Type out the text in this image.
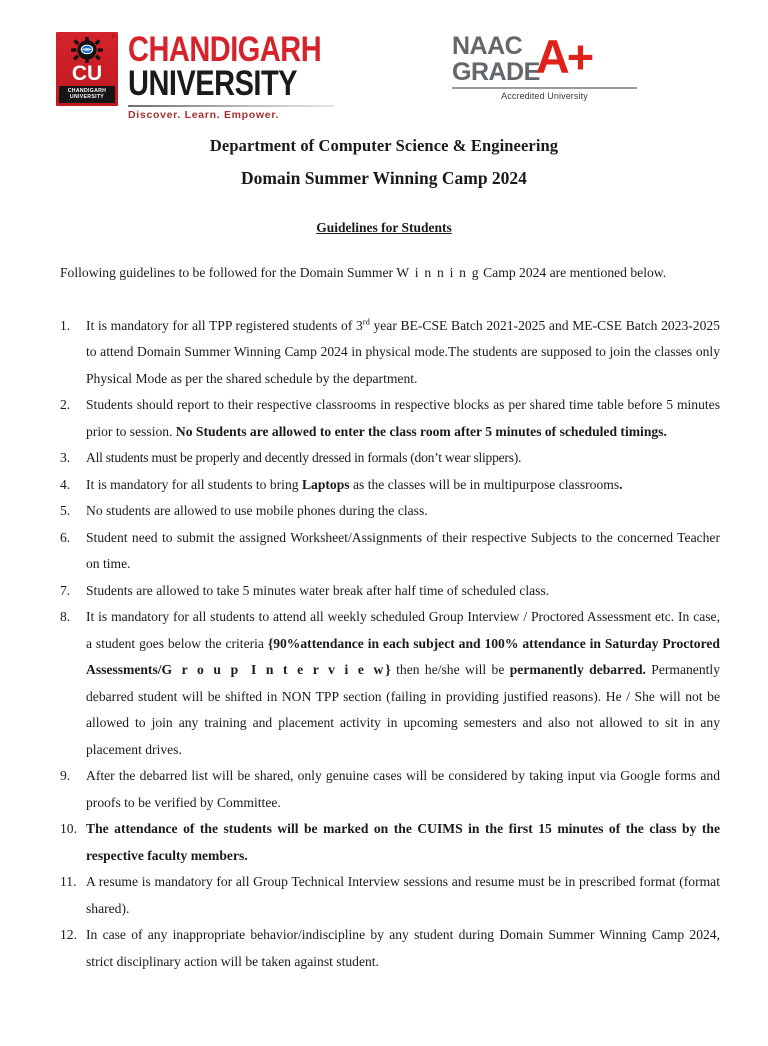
®
CU
CHANDIGARH
UNIVERSITY
CHANDIGARH
UNIVERSITY
Discover. Learn. Empower.
NAAC
GRADE
A+
Accredited University
Department of Computer Science & Engineering
Domain Summer Winning Camp 2024
Guidelines for Students

Following guidelines to be followed for the Domain Summer W i n n i n g Camp 2024 are mentioned below.

1.	It is mandatory for all TPP registered students of 3rd year BE-CSE Batch 2021-2025 and ME-CSE Batch 2023-2025 to attend Domain Summer Winning Camp 2024 in physical mode.The students are supposed to join the classes only Physical Mode as per the shared schedule by the department.
2.	Students should report to their respective classrooms in respective blocks as per shared time table before 5 minutes prior to session. No Students are allowed to enter the class room after 5 minutes of scheduled timings.
3.	All students must be properly and decently dressed in formals (don’t wear slippers).
4.	It is mandatory for all students to bring Laptops as the classes will be in multipurpose classrooms.
5.	No students are allowed to use mobile phones during the class.
6.	Student need to submit the assigned Worksheet/Assignments of their respective Subjects to the concerned Teacher on time.
7.	Students are allowed to take 5 minutes water break after half time of scheduled class.
8.	It is mandatory for all students to attend all weekly scheduled Group Interview / Proctored Assessment etc. In case, a student goes below the criteria {90%attendance in each subject and 100% attendance in Saturday Proctored Assessments/G r o u p I n t e r v i e w} then he/she will be permanently debarred. Permanently debarred student will be shifted in NON TPP section (failing in providing justified reasons). He / She will not be allowed to join any training and placement activity in upcoming semesters and also not allowed to sit in any placement drives.
9.	After the debarred list will be shared, only genuine cases will be considered by taking input via Google forms and proofs to be verified by Committee.
10. The attendance of the students will be marked on the CUIMS in the first 15 minutes of the class by the respective faculty members.
11. A resume is mandatory for all Group Technical Interview sessions and resume must be in prescribed format (format shared).
12. In case of any inappropriate behavior/indiscipline by any student during Domain Summer Winning Camp 2024, strict disciplinary action will be taken against student.
